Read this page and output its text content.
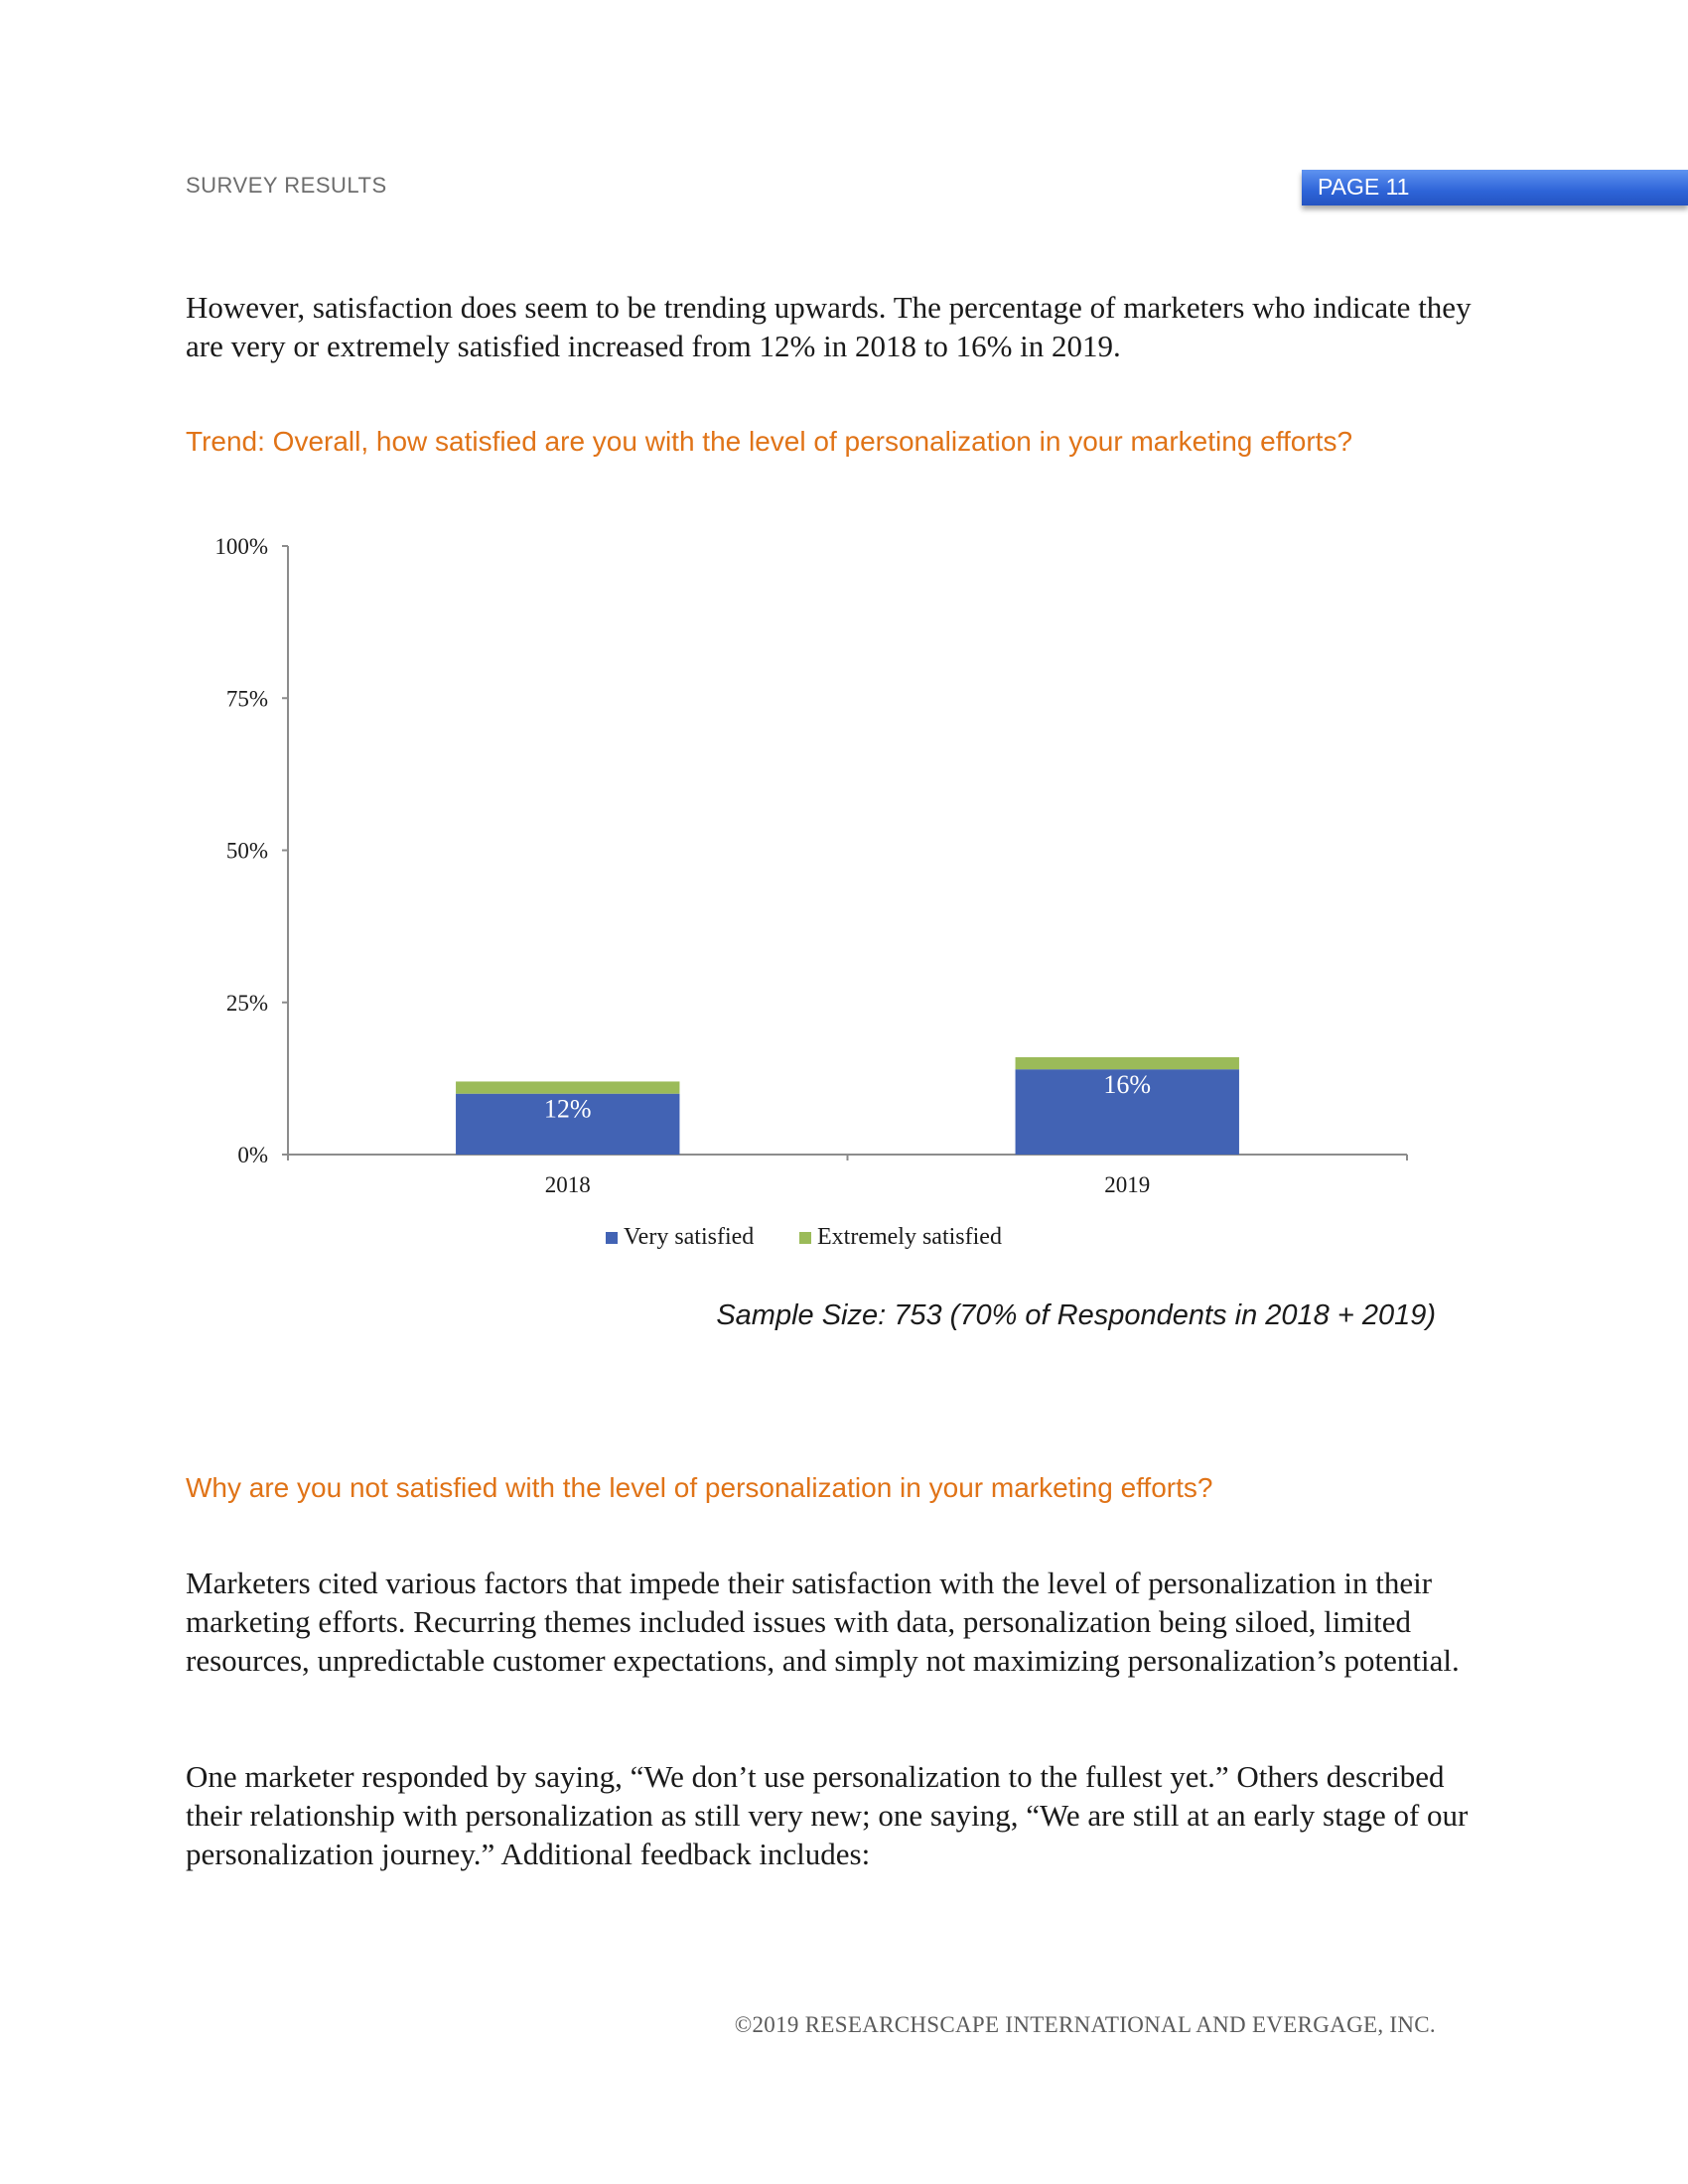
SURVEY RESULTS	PAGE 11

However, satisfaction does seem to be trending upwards. The percentage of marketers who indicate they are very or extremely satisfied increased from 12% in 2018 to 16% in 2019.

Trend: Overall, how satisfied are you with the level of personalization in your marketing efforts?

0%
25%
50%
75%
100%
12%
2018
16%
2019
Very satisfied	Extremely satisfied
Sample Size: 753 (70% of Respondents in 2018 + 2019)

Why are you not satisfied with the level of personalization in your marketing efforts?

Marketers cited various factors that impede their satisfaction with the level of personalization in their marketing efforts. Recurring themes included issues with data, personalization being siloed, limited resources, unpredictable customer expectations, and simply not maximizing personalization’s potential.

One marketer responded by saying, “We don’t use personalization to the fullest yet.” Others described their relationship with personalization as still very new; one saying, “We are still at an early stage of our personalization journey.” Additional feedback includes:

©2019 RESEARCHSCAPE INTERNATIONAL AND EVERGAGE, INC.
